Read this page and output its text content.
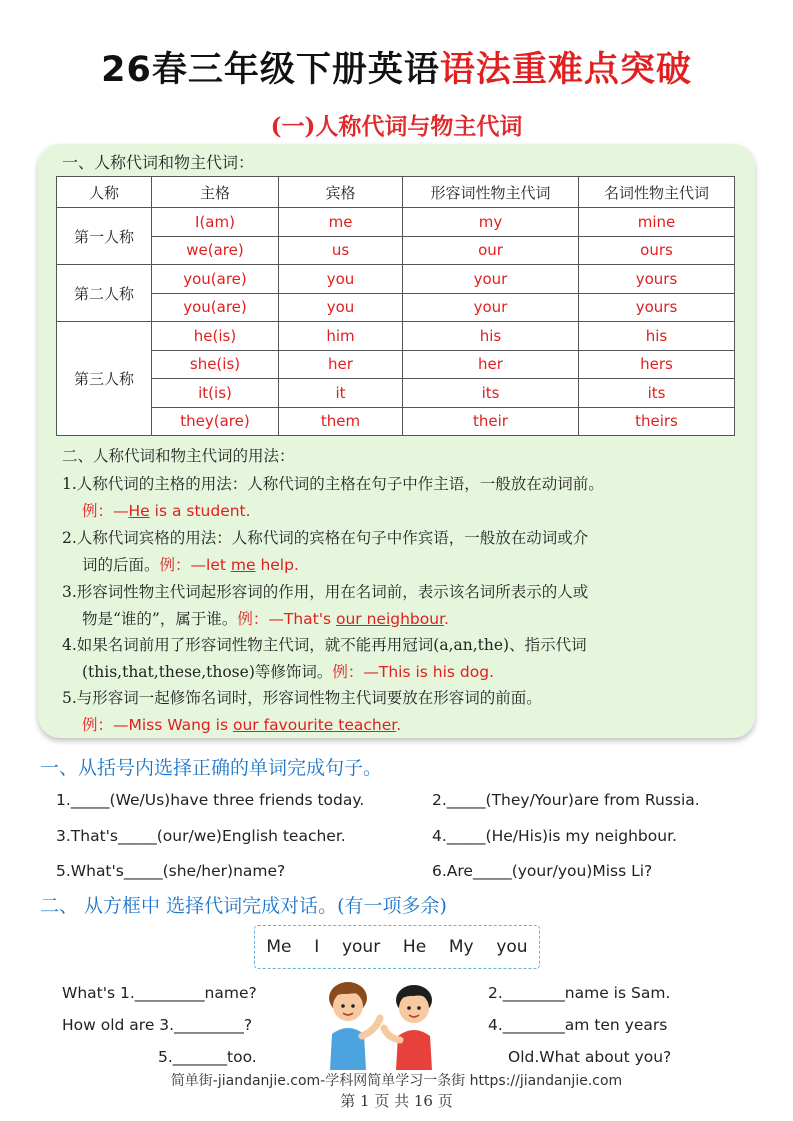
26春三年级下册英语语法重难点突破
(一)人称代词与物主代词
一、人称代词和物主代词：
人称	主格	宾格	形容词性物主代词	名词性物主代词
第一人称	I(am)	me	my	mine
	we(are)	us	our	ours
第二人称	you(are)	you	your	yours
	you(are)	you	your	yours
第三人称	he(is)	him	his	his
	she(is)	her	her	hers
	it(is)	it	its	its
	they(are)	them	their	theirs
二、人称代词和物主代词的用法：
1.人称代词的主格的用法：人称代词的主格在句子中作主语，一般放在动词前。
例：—He is a student.
2.人称代词宾格的用法：人称代词的宾格在句子中作宾语，一般放在动词或介
词的后面。例：—let me help.
3.形容词性物主代词起形容词的作用，用在名词前，表示该名词所表示的人或
物是“谁的”，属于谁。例：—That's our neighbour.
4.如果名词前用了形容词性物主代词，就不能再用冠词(a,an,the)、指示代词
(this,that,these,those)等修饰词。例：—This is his dog.
5.与形容词一起修饰名词时，形容词性物主代词要放在形容词的前面。
例：—Miss Wang is our favourite teacher.
一、从括号内选择正确的单词完成句子。
1._____(We/Us)have three friends today.	2._____(They/Your)are from Russia.
3.That's_____(our/we)English teacher.	4._____(He/His)is my neighbour.
5.What's_____(she/her)name?	6.Are_____(your/you)Miss Li?
二、 从方框中 选择代词完成对话。(有一项多余)
Me I your He My you
What's 1._________name?	2.________name is Sam.
How old are 3._________?	4.________am ten years
5._______too.	Old.What about you?
简单街-jiandanjie.com-学科网简单学习一条街 https://jiandanjie.com
第 1 页 共 16 页
